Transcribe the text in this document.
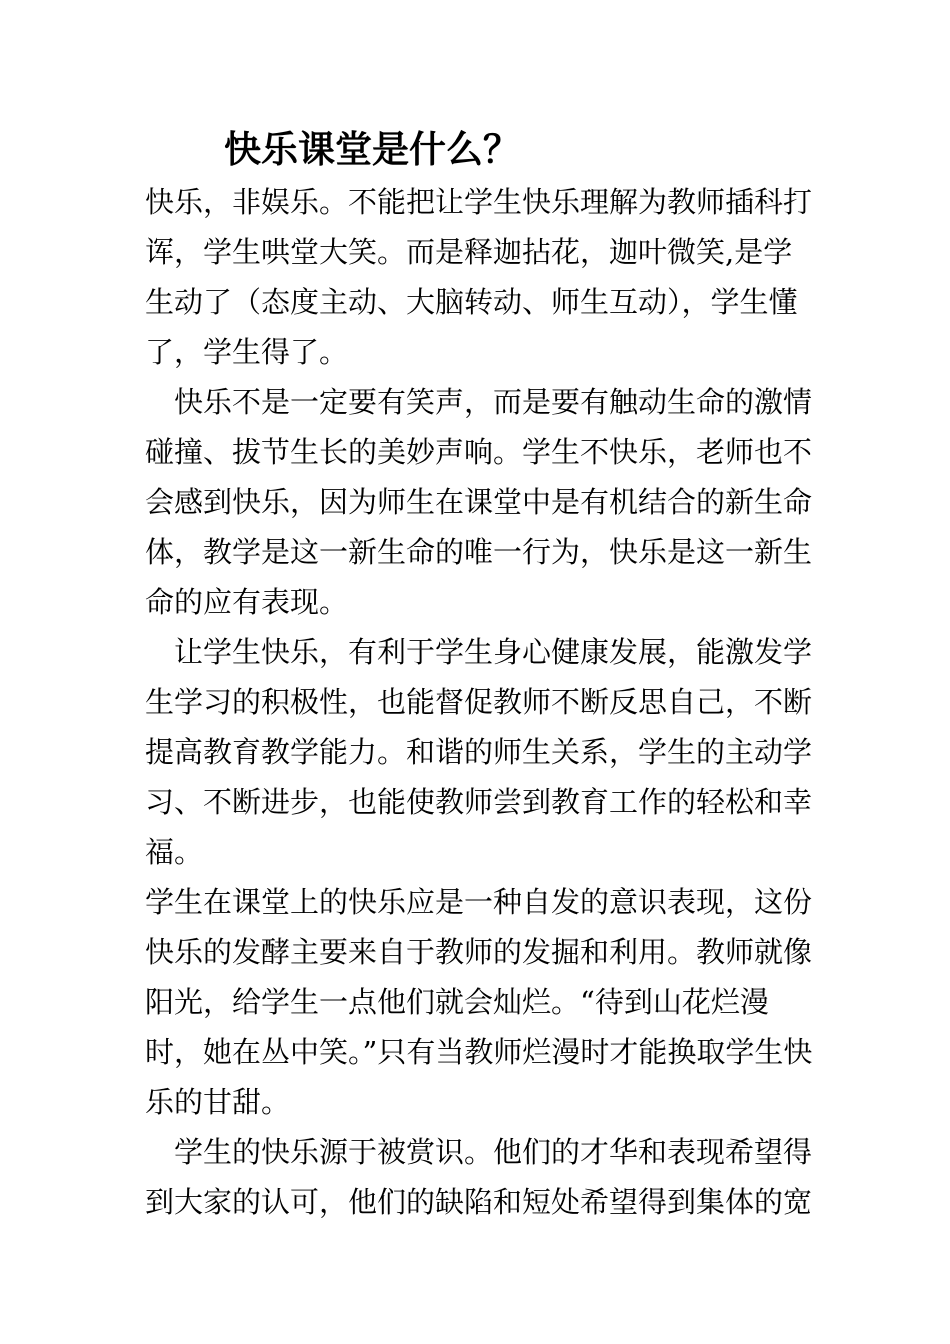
快乐课堂是什么？

快乐，非娱乐。不能把让学生快乐理解为教师插科打诨，学生哄堂大笑。而是释迦拈花，迦叶微笑,是学生动了（态度主动、大脑转动、师生互动），学生懂了，学生得了。

快乐不是一定要有笑声，而是要有触动生命的激情碰撞、拔节生长的美妙声响。学生不快乐，老师也不会感到快乐，因为师生在课堂中是有机结合的新生命体，教学是这一新生命的唯一行为，快乐是这一新生命的应有表现。

让学生快乐，有利于学生身心健康发展，能激发学生学习的积极性，也能督促教师不断反思自己，不断提高教育教学能力。和谐的师生关系，学生的主动学习、不断进步，也能使教师尝到教育工作的轻松和幸福。

学生在课堂上的快乐应是一种自发的意识表现，这份快乐的发酵主要来自于教师的发掘和利用。教师就像阳光，给学生一点他们就会灿烂。“待到山花烂漫时，她在丛中笑。”只有当教师烂漫时才能换取学生快乐的甘甜。

学生的快乐源于被赏识。他们的才华和表现希望得到大家的认可，他们的缺陷和短处希望得到集体的宽
